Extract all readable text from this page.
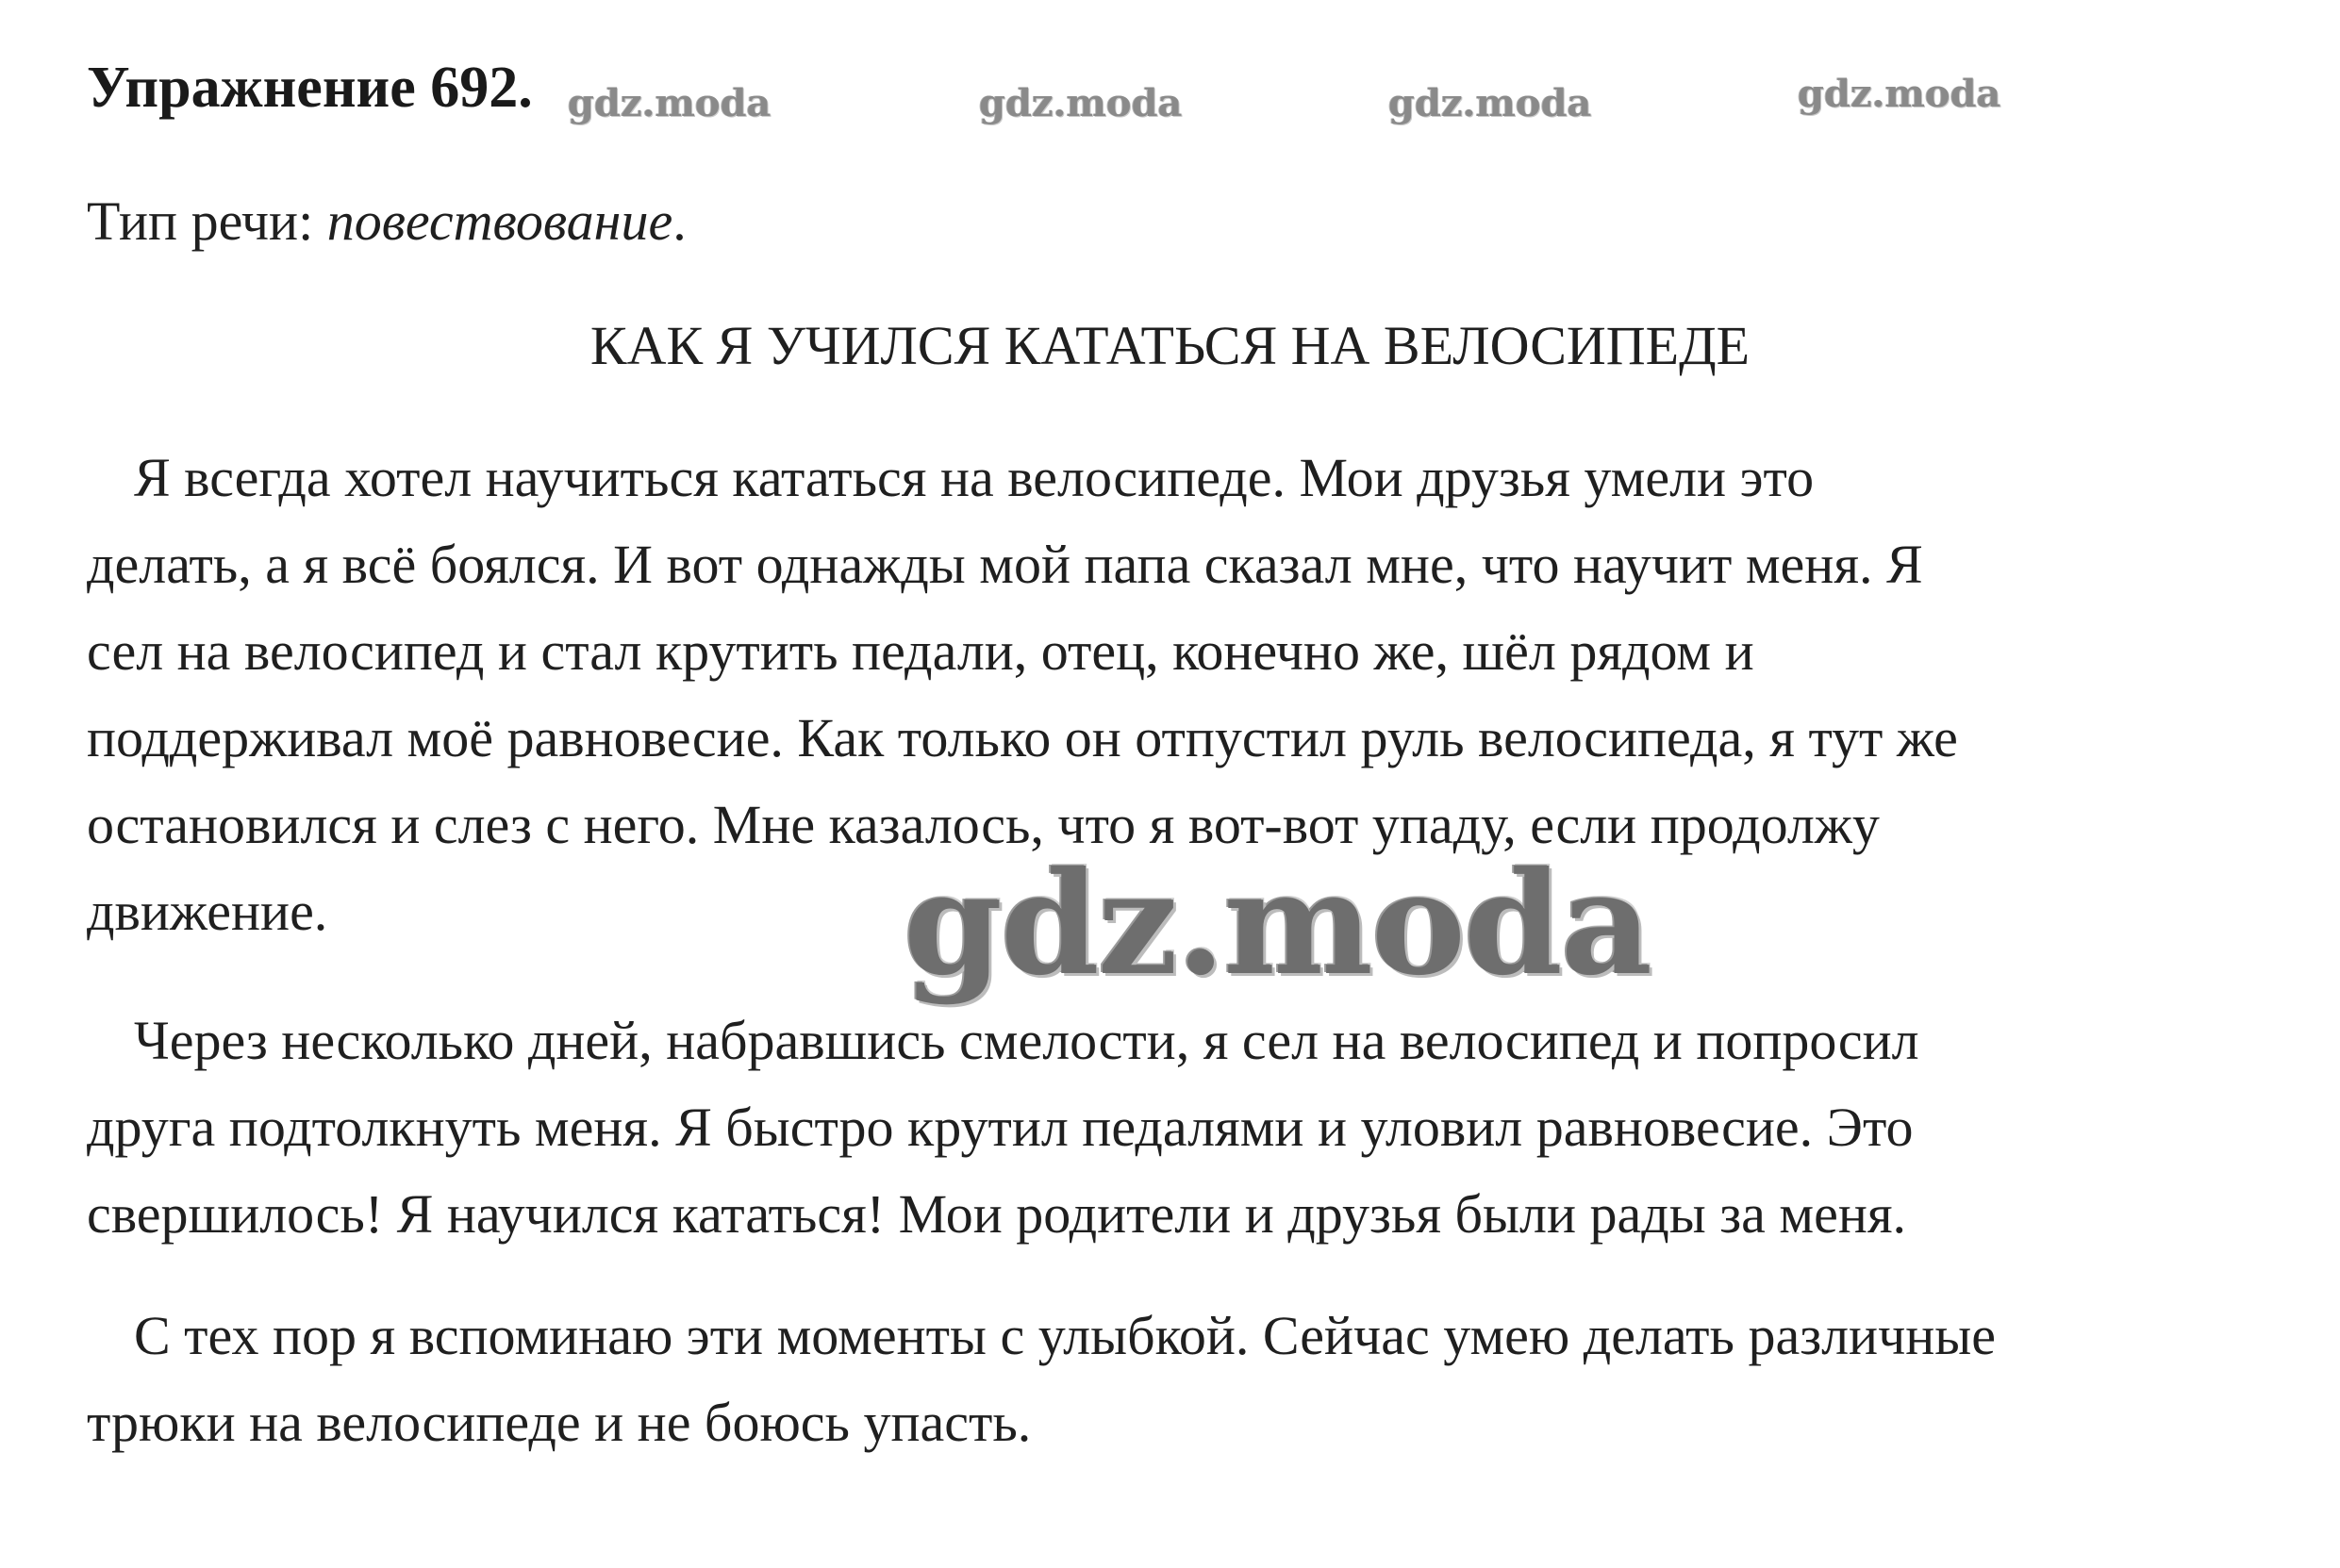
Упражнение 692.
Тип речи: повествование.
КАК Я УЧИЛСЯ КАТАТЬСЯ НА ВЕЛОСИПЕДЕ
Я всегда хотел научиться кататься на велосипеде. Мои друзья умели это
делать, а я всё боялся. И вот однажды мой папа сказал мне, что научит меня. Я
сел на велосипед и стал крутить педали, отец, конечно же, шёл рядом и
поддерживал моё равновесие. Как только он отпустил руль велосипеда, я тут же
остановился и слез с него. Мне казалось, что я вот-вот упаду, если продолжу
движение.
Через несколько дней, набравшись смелости, я сел на велосипед и попросил
друга подтолкнуть меня. Я быстро крутил педалями и уловил равновесие. Это
свершилось! Я научился кататься! Мои родители и друзья были рады за меня.
С тех пор я вспоминаю эти моменты с улыбкой. Сейчас умею делать различные
трюки на велосипеде и не боюсь упасть.
gdz.moda	gdz.moda	gdz.moda	gdz.moda
gdz.moda
